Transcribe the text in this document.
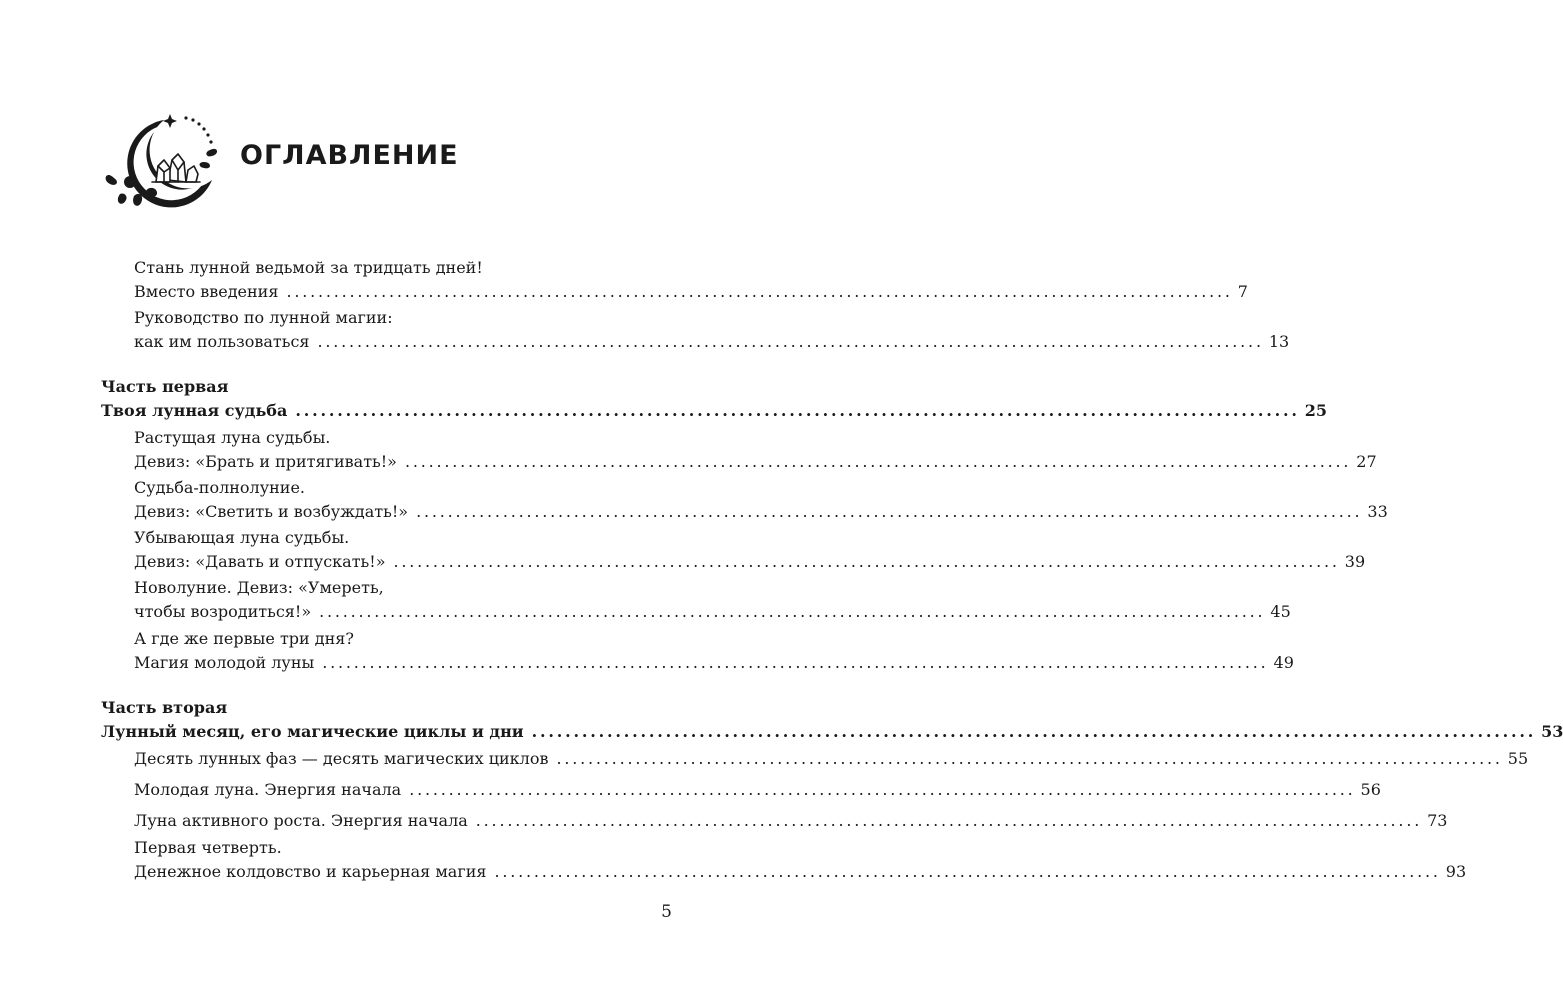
ОГЛАВЛЕНИЕ
Стань лунной ведьмой за тридцать дней!
Вместо введения ........................................................................................................................ 7
Руководство по лунной магии:
как им пользоваться ........................................................................................................................ 13
Часть первая
Твоя лунная судьба ........................................................................................................................ 25
Растущая луна судьбы.
Девиз: «Брать и притягивать!» ........................................................................................................................ 27
Судьба-полнолуние.
Девиз: «Светить и возбуждать!» ........................................................................................................................ 33
Убывающая луна судьбы.
Девиз: «Давать и отпускать!» ........................................................................................................................ 39
Новолуние. Девиз: «Умереть,
чтобы возродиться!» ........................................................................................................................ 45
А где же первые три дня?
Магия молодой луны ........................................................................................................................ 49
Часть вторая
Лунный месяц, его магические циклы и дни ........................................................................................................................ 53
Десять лунных фаз — десять магических циклов ........................................................................................................................ 55
Молодая луна. Энергия начала ........................................................................................................................ 56
Луна активного роста. Энергия начала ........................................................................................................................ 73
Первая четверть.
Денежное колдовство и карьерная магия ........................................................................................................................ 93
5
